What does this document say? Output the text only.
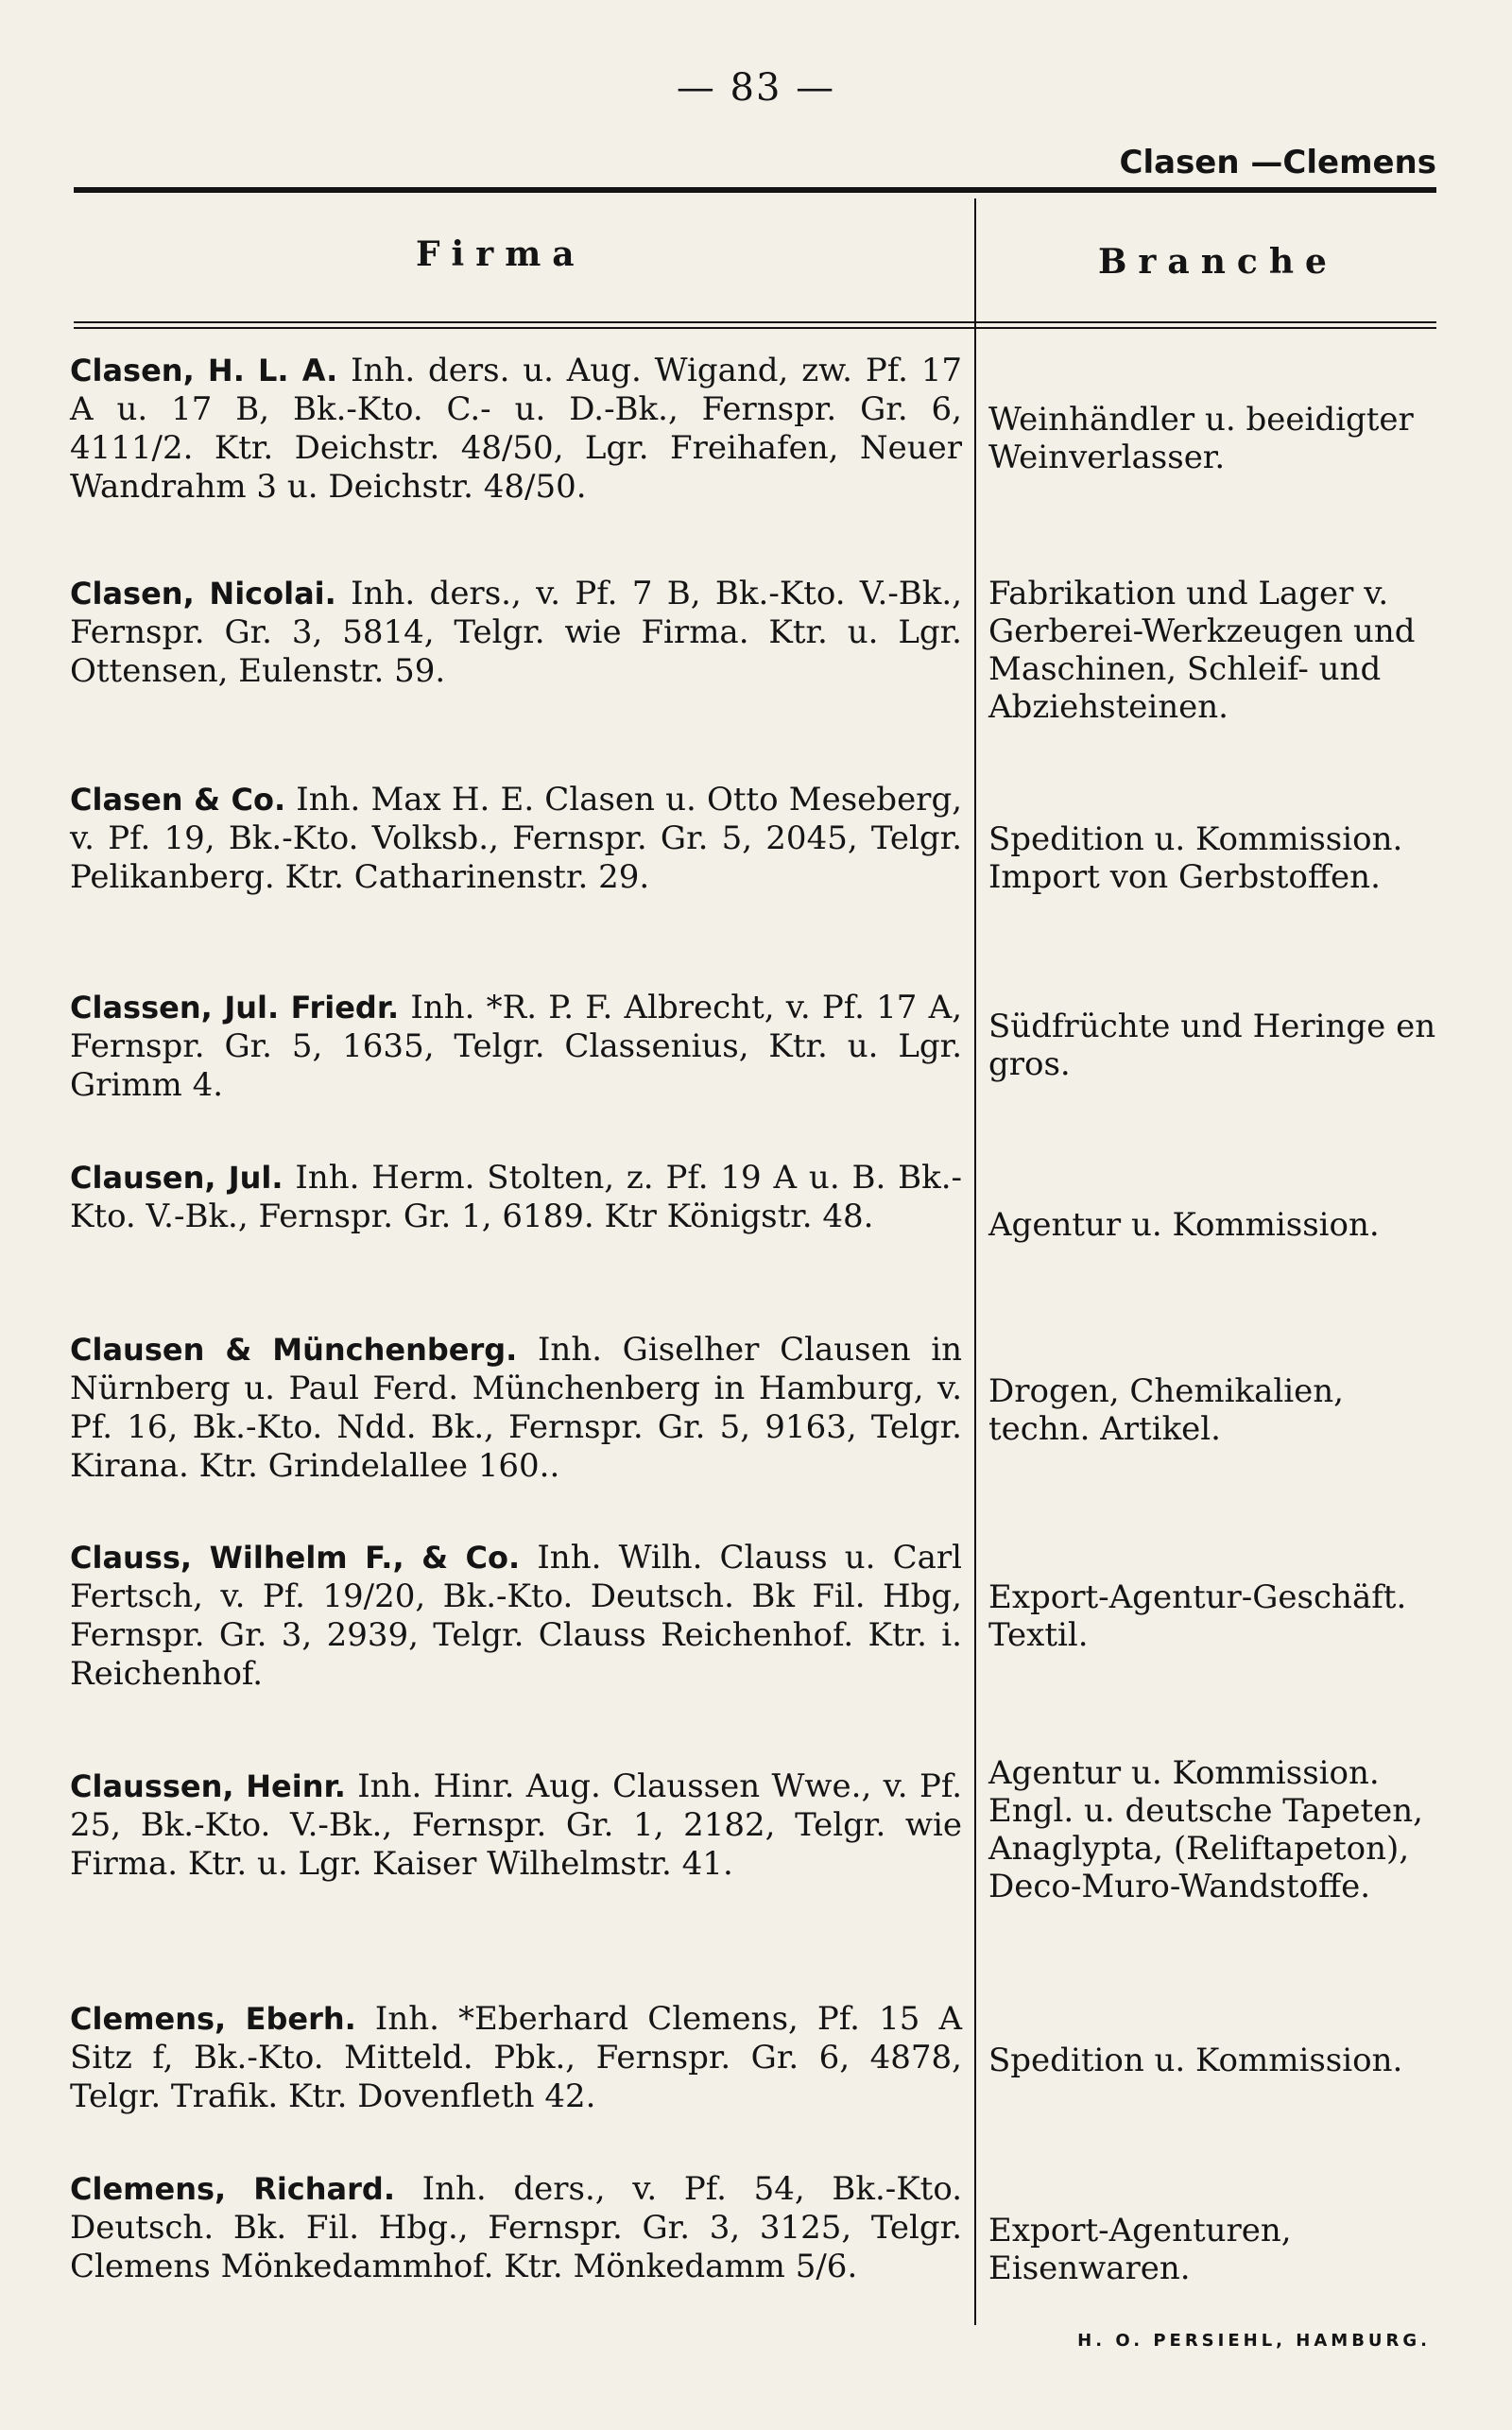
— 83 —
Clasen —Clemens
Firma	Branche
Clasen, H. L. A. Inh. ders. u. Aug. Wigand, zw. Pf. 17 A u. 17 B, Bk.-Kto. C.- u. D.-Bk., Fernspr. Gr. 6, 4111/2. Ktr. Deichstr. 48/50, Lgr. Freihafen, Neuer Wandrahm 3 u. Deichstr. 48/50.
Weinhändler u. beeidigter Weinverlasser.
Clasen, Nicolai. Inh. ders., v. Pf. 7 B, Bk.-Kto. V.-Bk., Fernspr. Gr. 3, 5814, Telgr. wie Firma. Ktr. u. Lgr. Ottensen, Eulenstr. 59.
Fabrikation und Lager v. Gerberei-Werkzeugen und Maschinen, Schleif- und Abziehsteinen.
Clasen & Co. Inh. Max H. E. Clasen u. Otto Meseberg, v. Pf. 19, Bk.-Kto. Volksb., Fernspr. Gr. 5, 2045, Telgr. Pelikanberg. Ktr. Catharinenstr. 29.
Spedition u. Kommission. Import von Gerbstoffen.
Classen, Jul. Friedr. Inh. *R. P. F. Albrecht, v. Pf. 17 A, Fernspr. Gr. 5, 1635, Telgr. Classenius, Ktr. u. Lgr. Grimm 4.
Südfrüchte und Heringe en gros.
Clausen, Jul. Inh. Herm. Stolten, z. Pf. 19 A u. B. Bk.-Kto. V.-Bk., Fernspr. Gr. 1, 6189. Ktr Königstr. 48.	Agentur u. Kommission.
Clausen & Münchenberg. Inh. Giselher Clausen in Nürnberg u. Paul Ferd. Münchenberg in Hamburg, v. Pf. 16, Bk.-Kto. Ndd. Bk., Fernspr. Gr. 5, 9163, Telgr. Kirana. Ktr. Grindelallee 160..
Drogen, Chemikalien, techn. Artikel.
Clauss, Wilhelm F., & Co. Inh. Wilh. Clauss u. Carl Fertsch, v. Pf. 19/20, Bk.-Kto. Deutsch. Bk Fil. Hbg, Fernspr. Gr. 3, 2939, Telgr. Clauss Reichenhof. Ktr. i. Reichenhof.
Export-Agentur-Geschäft. Textil.
Claussen, Heinr. Inh. Hinr. Aug. Claussen Wwe., v. Pf. 25, Bk.-Kto. V.-Bk., Fernspr. Gr. 1, 2182, Telgr. wie Firma. Ktr. u. Lgr. Kaiser Wilhelmstr. 41.
Agentur u. Kommission. Engl. u. deutsche Tapeten, Anaglypta, (Reliftapeton), Deco-Muro-Wandstoffe.
Clemens, Eberh. Inh. *Eberhard Clemens, Pf. 15 A Sitz f, Bk.-Kto. Mitteld. Pbk., Fernspr. Gr. 6, 4878, Telgr. Trafik. Ktr. Dovenfleth 42.
Spedition u. Kommission.
Clemens, Richard. Inh. ders., v. Pf. 54, Bk.-Kto. Deutsch. Bk. Fil. Hbg., Fernspr. Gr. 3, 3125, Telgr. Clemens Mönkedammhof. Ktr. Mönkedamm 5/6.
Export-Agenturen, Eisenwaren.
H. O. PERSIEHL, HAMBURG.
